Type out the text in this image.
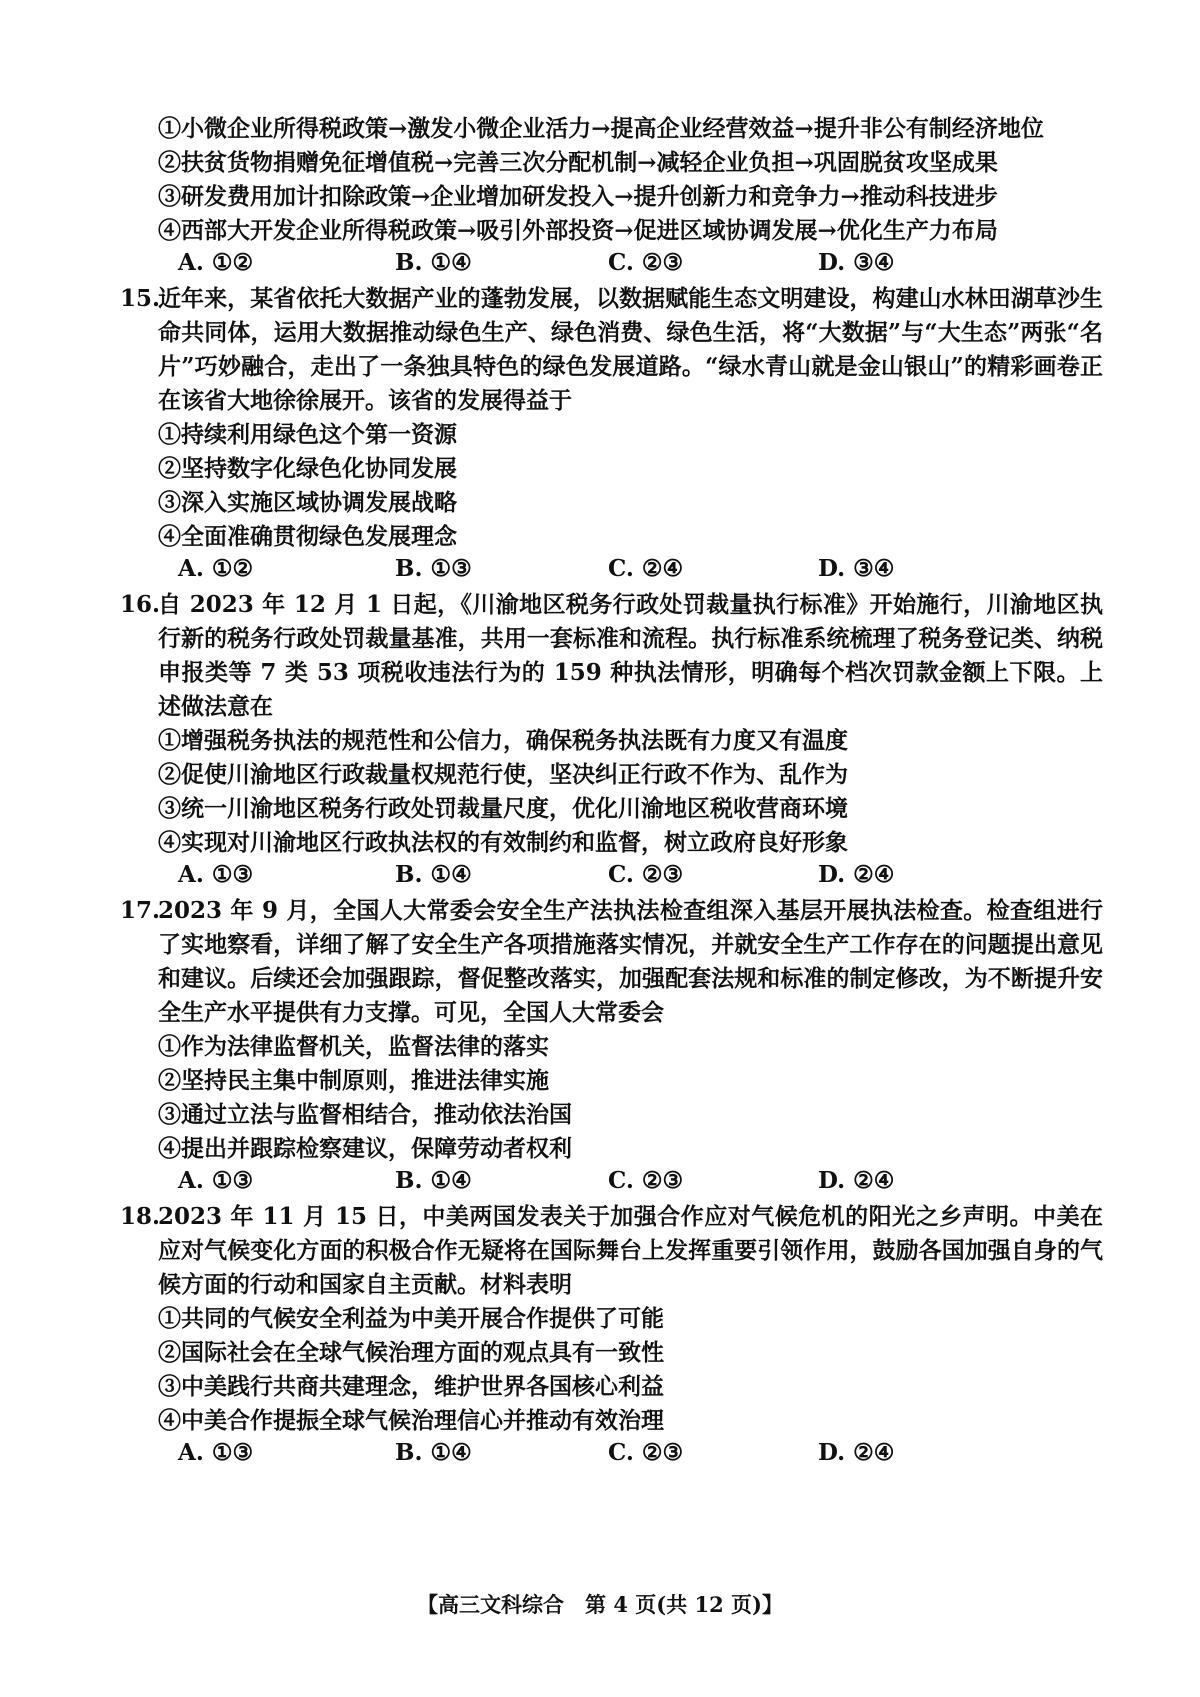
①小微企业所得税政策→激发小微企业活力→提高企业经营效益→提升非公有制经济地位
②扶贫货物捐赠免征增值税→完善三次分配机制→减轻企业负担→巩固脱贫攻坚成果
③研发费用加计扣除政策→企业增加研发投入→提升创新力和竞争力→推动科技进步
④西部大开发企业所得税政策→吸引外部投资→促进区域协调发展→优化生产力布局
A. ①②	B. ①④	C. ②③	D. ③④
15.
近年来，某省依托大数据产业的蓬勃发展，以数据赋能生态文明建设，构建山水林田湖草沙生命共同体，运用大数据推动绿色生产、绿色消费、绿色生活，将“大数据”与“大生态”两张“名片”巧妙融合，走出了一条独具特色的绿色发展道路。“绿水青山就是金山银山”的精彩画卷正在该省大地徐徐展开。该省的发展得益于
①持续利用绿色这个第一资源
②坚持数字化绿色化协同发展
③深入实施区域协调发展战略
④全面准确贯彻绿色发展理念
A. ①②	B. ①③	C. ②④	D. ③④
16.
自 2023 年 12 月 1 日起，《川渝地区税务行政处罚裁量执行标准》开始施行，川渝地区执行新的税务行政处罚裁量基准，共用一套标准和流程。执行标准系统梳理了税务登记类、纳税申报类等 7 类 53 项税收违法行为的 159 种执法情形，明确每个档次罚款金额上下限。上述做法意在
①增强税务执法的规范性和公信力，确保税务执法既有力度又有温度
②促使川渝地区行政裁量权规范行使，坚决纠正行政不作为、乱作为
③统一川渝地区税务行政处罚裁量尺度，优化川渝地区税收营商环境
④实现对川渝地区行政执法权的有效制约和监督，树立政府良好形象
A. ①③	B. ①④	C. ②③	D. ②④
17.
2023 年 9 月，全国人大常委会安全生产法执法检查组深入基层开展执法检查。检查组进行了实地察看，详细了解了安全生产各项措施落实情况，并就安全生产工作存在的问题提出意见和建议。后续还会加强跟踪，督促整改落实，加强配套法规和标准的制定修改，为不断提升安全生产水平提供有力支撑。可见，全国人大常委会
①作为法律监督机关，监督法律的落实
②坚持民主集中制原则，推进法律实施
③通过立法与监督相结合，推动依法治国
④提出并跟踪检察建议，保障劳动者权利
A. ①③	B. ①④	C. ②③	D. ②④
18.
2023 年 11 月 15 日，中美两国发表关于加强合作应对气候危机的阳光之乡声明。中美在应对气候变化方面的积极合作无疑将在国际舞台上发挥重要引领作用，鼓励各国加强自身的气候方面的行动和国家自主贡献。材料表明
①共同的气候安全利益为中美开展合作提供了可能
②国际社会在全球气候治理方面的观点具有一致性
③中美践行共商共建理念，维护世界各国核心利益
④中美合作提振全球气候治理信心并推动有效治理
A. ①③	B. ①④	C. ②③	D. ②④
【高三文科综合　第 4 页(共 12 页)】
